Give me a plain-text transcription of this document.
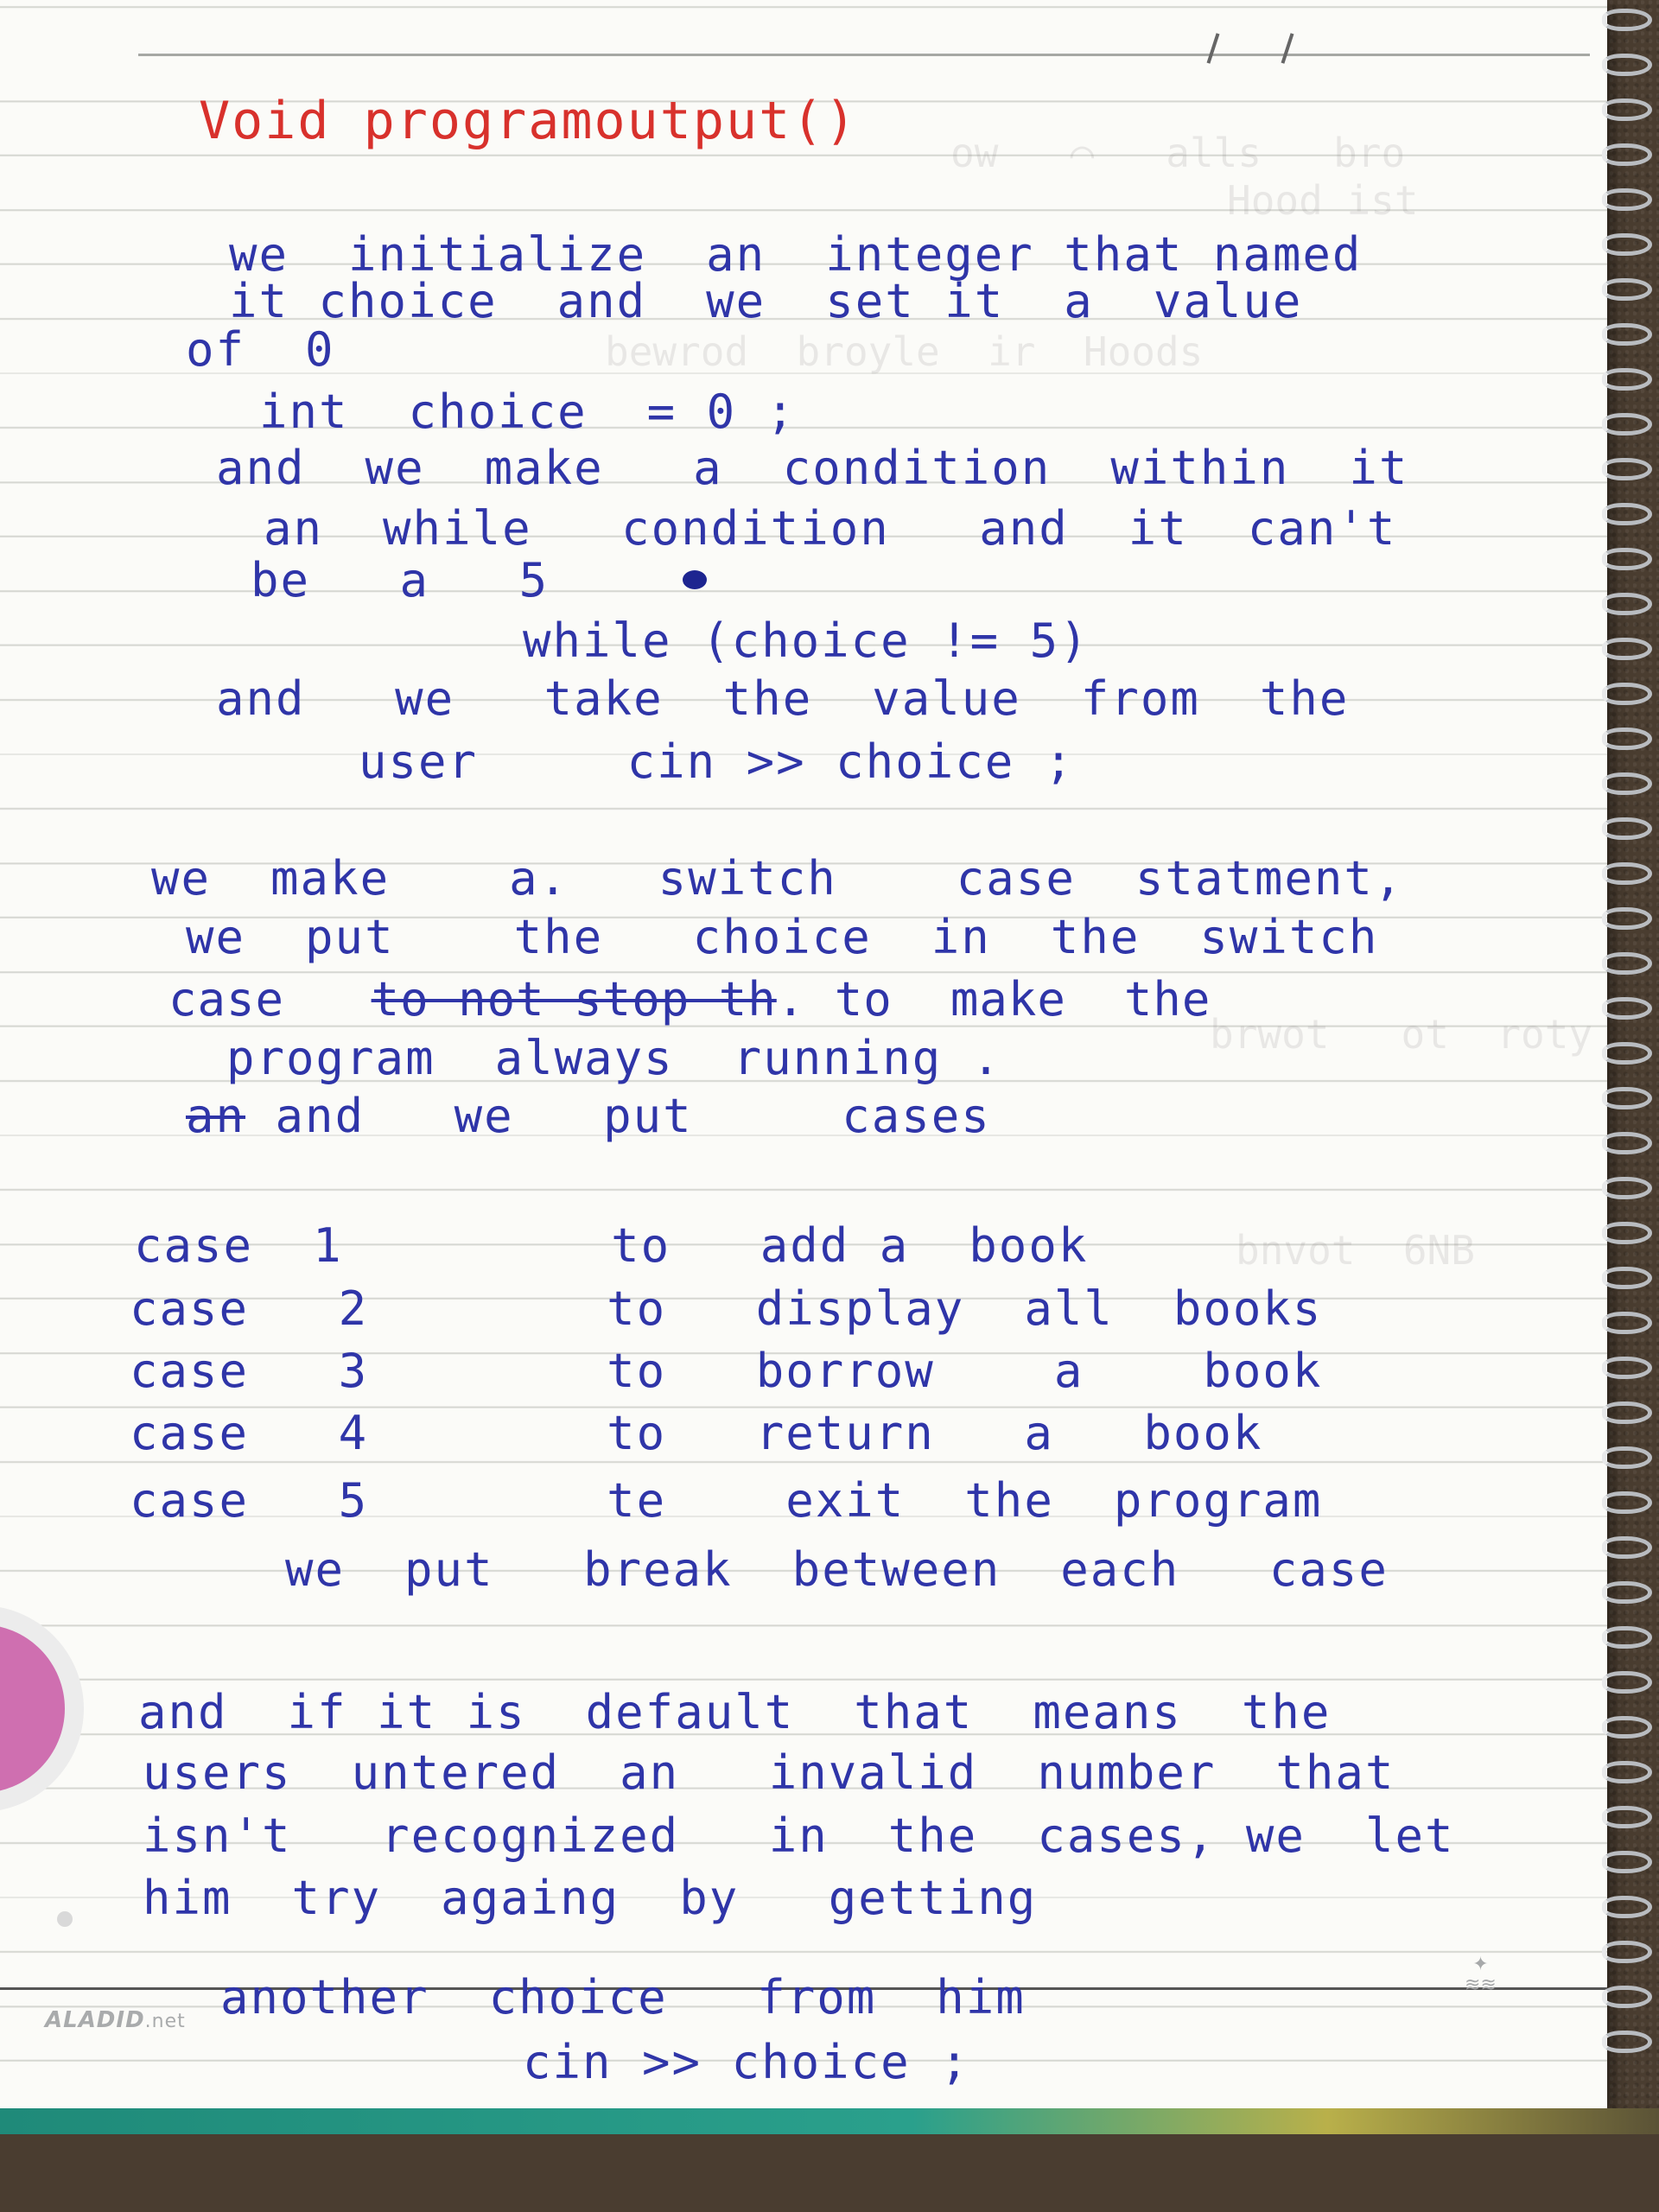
ow   ⌒   alls   bro
Hood ist
bewrod  broyle  ir  Hoods
brwot   ot  roty
bnvot  6NB
Void programoutput()
we  initialize  an  integer that named
it choice  and  we  set it  a  value
of  0
int  choice  = 0 ;
and  we  make   a  condition  within  it
an  while   condition   and  it  can't
be   a   5
while (choice != 5)
and   we   take  the  value  from  the
user     cin >> choice ;
we  make    a.   switch    case  statment,
we  put    the   choice  in  the  switch
case to not stop th. to  make  the
program  always  running .
an and   we   put     cases
case  1         to   add a  book
case   2        to   display  all  books
case   3        to   borrow    a    book
case   4        to   return   a   book
case   5        te    exit  the  program
we  put   break  between  each   case
and  if it is  default  that  means  the
users  untered  an   invalid  number  that
isn't   recognized   in  the  cases, we  let
him  try  againg  by   getting
another  choice   from  him
cin >> choice ;
ALADID.net
✦
≋≋
